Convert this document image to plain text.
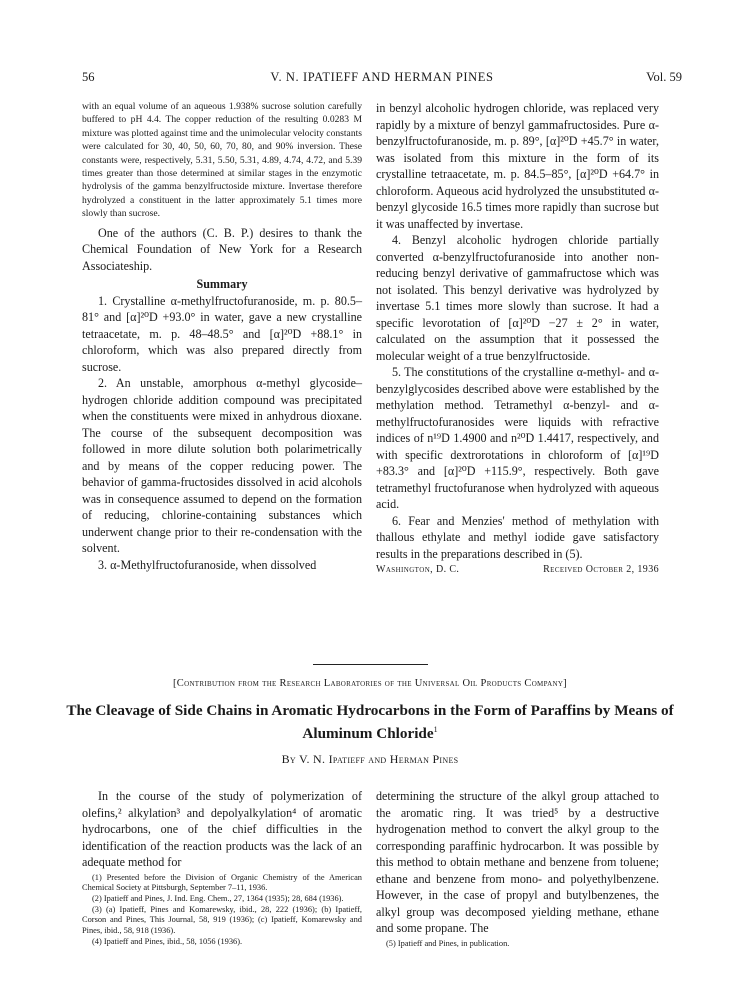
56	V. N. IPATIEFF AND HERMAN PINES	Vol. 59

with an equal volume of an aqueous 1.938% sucrose solution carefully buffered to pH 4.4. The copper reduction of the resulting 0.0283 M mixture was plotted against time and the unimolecular velocity constants were calculated for 30, 40, 50, 60, 70, 80, and 90% inversion. These constants were, respectively, 5.31, 5.50, 5.31, 4.89, 4.74, 4.72, and 5.39 times greater than those determined at similar stages in the enzymotic hydrolysis of the gamma benzylfructoside mixture. Invertase therefore hydrolyzed a constituent in the latter approximately 5.1 times more slowly than sucrose.

One of the authors (C. B. P.) desires to thank the Chemical Foundation of New York for a Research Associateship.

Summary

1. Crystalline α-methylfructofuranoside, m. p. 80.5–81° and [α]²⁰D +93.0° in water, gave a new crystalline tetraacetate, m. p. 48–48.5° and [α]²⁰D +88.1° in chloroform, which was also prepared directly from sucrose.

2. An unstable, amorphous α-methyl glycoside–hydrogen chloride addition compound was precipitated when the constituents were mixed in anhydrous dioxane. The course of the subsequent decomposition was followed in more dilute solution both polarimetrically and by means of the copper reducing power. The behavior of gamma-fructosides dissolved in acid alcohols was in consequence assumed to depend on the formation of reducing, chlorine-containing substances which underwent change prior to their re-condensation with the solvent.

3. α-Methylfructofuranoside, when dissolved

in benzyl alcoholic hydrogen chloride, was replaced very rapidly by a mixture of benzyl gammafructosides. Pure α-benzylfructofuranoside, m. p. 89°, [α]²⁰D +45.7° in water, was isolated from this mixture in the form of its crystalline tetraacetate, m. p. 84.5–85°, [α]²⁰D +64.7° in chloroform. Aqueous acid hydrolyzed the unsubstituted α-benzyl glycoside 16.5 times more rapidly than sucrose but it was unaffected by invertase.

4. Benzyl alcoholic hydrogen chloride partially converted α-benzylfructofuranoside into another non-reducing benzyl derivative of gammafructose which was not isolated. This benzyl derivative was hydrolyzed by invertase 5.1 times more slowly than sucrose. It had a specific levorotation of [α]²⁰D −27 ± 2° in water, calculated on the assumption that it possessed the molecular weight of a true benzylfructoside.

5. The constitutions of the crystalline α-methyl- and α-benzylglycosides described above were established by the methylation method. Tetramethyl α-benzyl- and α-methylfructofuranosides were liquids with refractive indices of n¹⁹D 1.4900 and n²⁰D 1.4417, respectively, and with specific dextrorotations in chloroform of [α]¹⁹D +83.3° and [α]²⁰D +115.9°, respectively. Both gave tetramethyl fructofuranose when hydrolyzed with aqueous acid.

6. Fear and Menzies' method of methylation with thallous ethylate and methyl iodide gave satisfactory results in the preparations described in (5).

Washington, D. C.	Received October 2, 1936
[Contribution from the Research Laboratories of the Universal Oil Products Company]
The Cleavage of Side Chains in Aromatic Hydrocarbons in the Form of Paraffins by Means of Aluminum Chloride$^1$
By V. N. Ipatieff and Herman Pines

In the course of the study of polymerization of olefins,² alkylation³ and depolyalkylation⁴ of aromatic hydrocarbons, one of the chief difficulties in the identification of the reaction products was the lack of an adequate method for

(1) Presented before the Division of Organic Chemistry of the American Chemical Society at Pittsburgh, September 7–11, 1936.

(2) Ipatieff and Pines, J. Ind. Eng. Chem., 27, 1364 (1935); 28, 684 (1936).

(3) (a) Ipatieff, Pines and Komarewsky, ibid., 28, 222 (1936); (b) Ipatieff, Corson and Pines, This Journal, 58, 919 (1936); (c) Ipatieff, Komarewsky and Pines, ibid., 58, 918 (1936).

(4) Ipatieff and Pines, ibid., 58, 1056 (1936).

determining the structure of the alkyl group attached to the aromatic ring. It was tried⁵ by a destructive hydrogenation method to convert the alkyl group to the corresponding paraffinic hydrocarbon. It was possible by this method to obtain methane and benzene from toluene; ethane and benzene from mono- and polyethylbenzene. However, in the case of propyl and butylbenzenes, the alkyl group was decomposed yielding methane, ethane and some propane. The

(5) Ipatieff and Pines, in publication.
